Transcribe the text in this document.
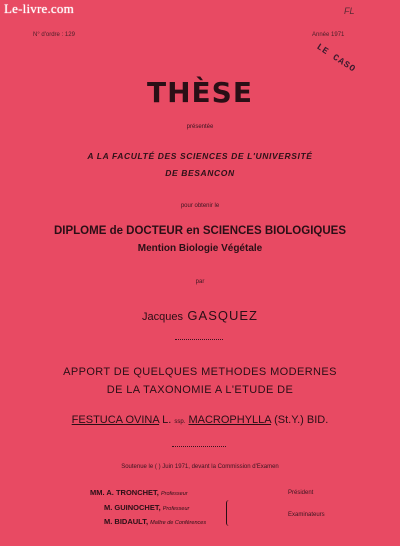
Le-livre.com	FL
N° d'ordre : 129	Année 1971
LE CASO
THÈSE
présentée
A LA FACULTÉ DES SCIENCES DE L'UNIVERSITÉ
DE BESANCON
pour obtenir le
DIPLOME de DOCTEUR en SCIENCES BIOLOGIQUES
Mention Biologie Végétale
par
Jacques GASQUEZ
APPORT DE QUELQUES METHODES MODERNES
DE LA TAXONOMIE A L'ETUDE DE
FESTUCA OVINA L. ssp. MACROPHYLLA (St.Y.) BID.
Soutenue le ( ) Juin 1971, devant la Commission d'Examen
MM. A. TRONCHET, Professeur	Président
M. GUINOCHET, Professeur
M. BIDAULT, Maître de Conférences
Examinateurs
